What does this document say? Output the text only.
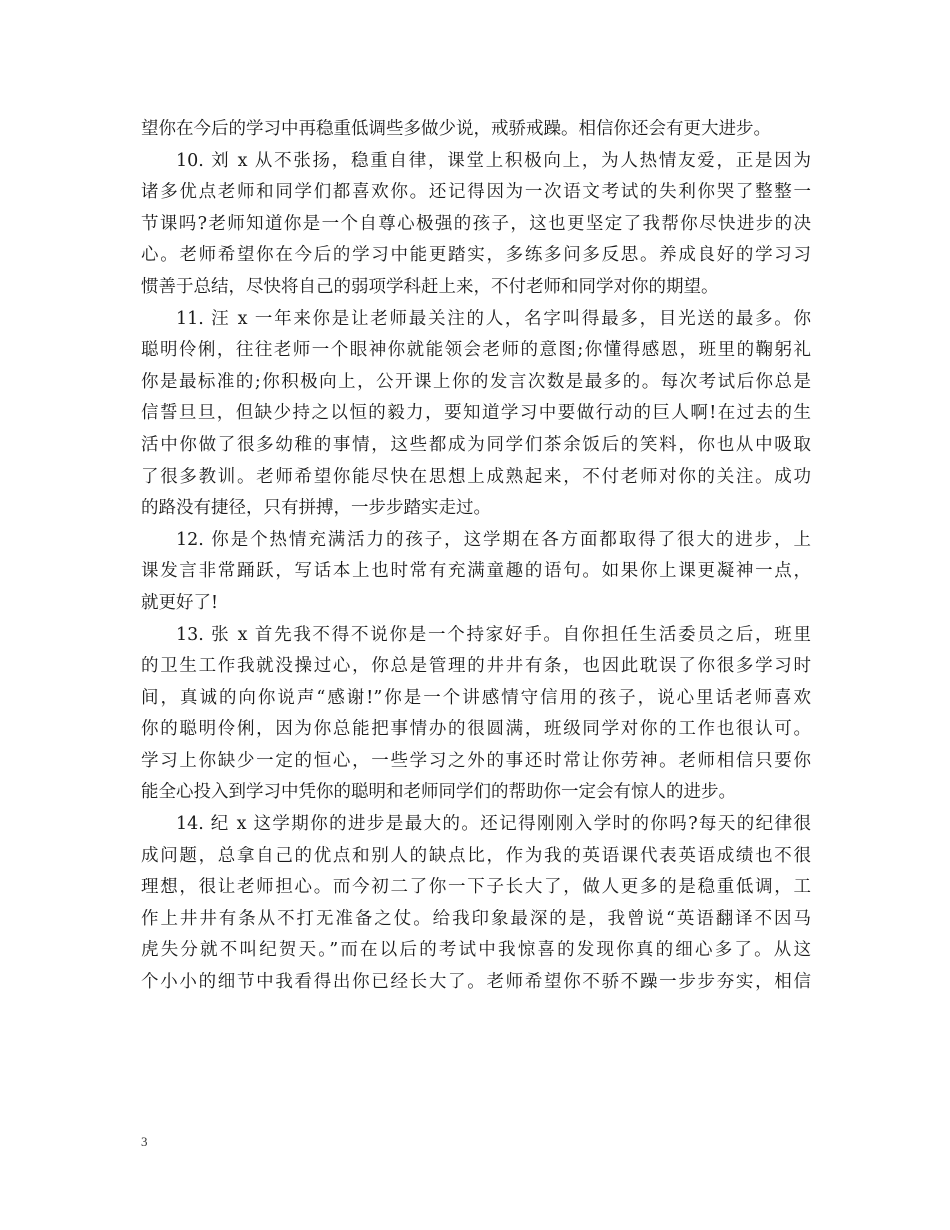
望你在今后的学习中再稳重低调些多做少说，戒骄戒躁。相信你还会有更大进步。
10. 刘 x 从不张扬，稳重自律，课堂上积极向上，为人热情友爱，正是因为
诸多优点老师和同学们都喜欢你。还记得因为一次语文考试的失利你哭了整整一
节课吗?老师知道你是一个自尊心极强的孩子，这也更坚定了我帮你尽快进步的决
心。老师希望你在今后的学习中能更踏实，多练多问多反思。养成良好的学习习
惯善于总结，尽快将自己的弱项学科赶上来，不付老师和同学对你的期望。
11. 汪 x 一年来你是让老师最关注的人，名字叫得最多，目光送的最多。你
聪明伶俐，往往老师一个眼神你就能领会老师的意图;你懂得感恩，班里的鞠躬礼
你是最标准的;你积极向上，公开课上你的发言次数是最多的。每次考试后你总是
信誓旦旦，但缺少持之以恒的毅力，要知道学习中要做行动的巨人啊!在过去的生
活中你做了很多幼稚的事情，这些都成为同学们茶余饭后的笑料，你也从中吸取
了很多教训。老师希望你能尽快在思想上成熟起来，不付老师对你的关注。成功
的路没有捷径，只有拼搏，一步步踏实走过。
12. 你是个热情充满活力的孩子，这学期在各方面都取得了很大的进步，上
课发言非常踊跃，写话本上也时常有充满童趣的语句。如果你上课更凝神一点，
就更好了!
13. 张 x 首先我不得不说你是一个持家好手。自你担任生活委员之后，班里
的卫生工作我就没操过心，你总是管理的井井有条，也因此耽误了你很多学习时
间，真诚的向你说声“感谢!”你是一个讲感情守信用的孩子，说心里话老师喜欢
你的聪明伶俐，因为你总能把事情办的很圆满，班级同学对你的工作也很认可。
学习上你缺少一定的恒心，一些学习之外的事还时常让你劳神。老师相信只要你
能全心投入到学习中凭你的聪明和老师同学们的帮助你一定会有惊人的进步。
14. 纪 x 这学期你的进步是最大的。还记得刚刚入学时的你吗?每天的纪律很
成问题，总拿自己的优点和别人的缺点比，作为我的英语课代表英语成绩也不很
理想，很让老师担心。而今初二了你一下子长大了，做人更多的是稳重低调，工
作上井井有条从不打无准备之仗。给我印象最深的是，我曾说“英语翻译不因马
虎失分就不叫纪贺天。”而在以后的考试中我惊喜的发现你真的细心多了。从这
个小小的细节中我看得出你已经长大了。老师希望你不骄不躁一步步夯实，相信
3
